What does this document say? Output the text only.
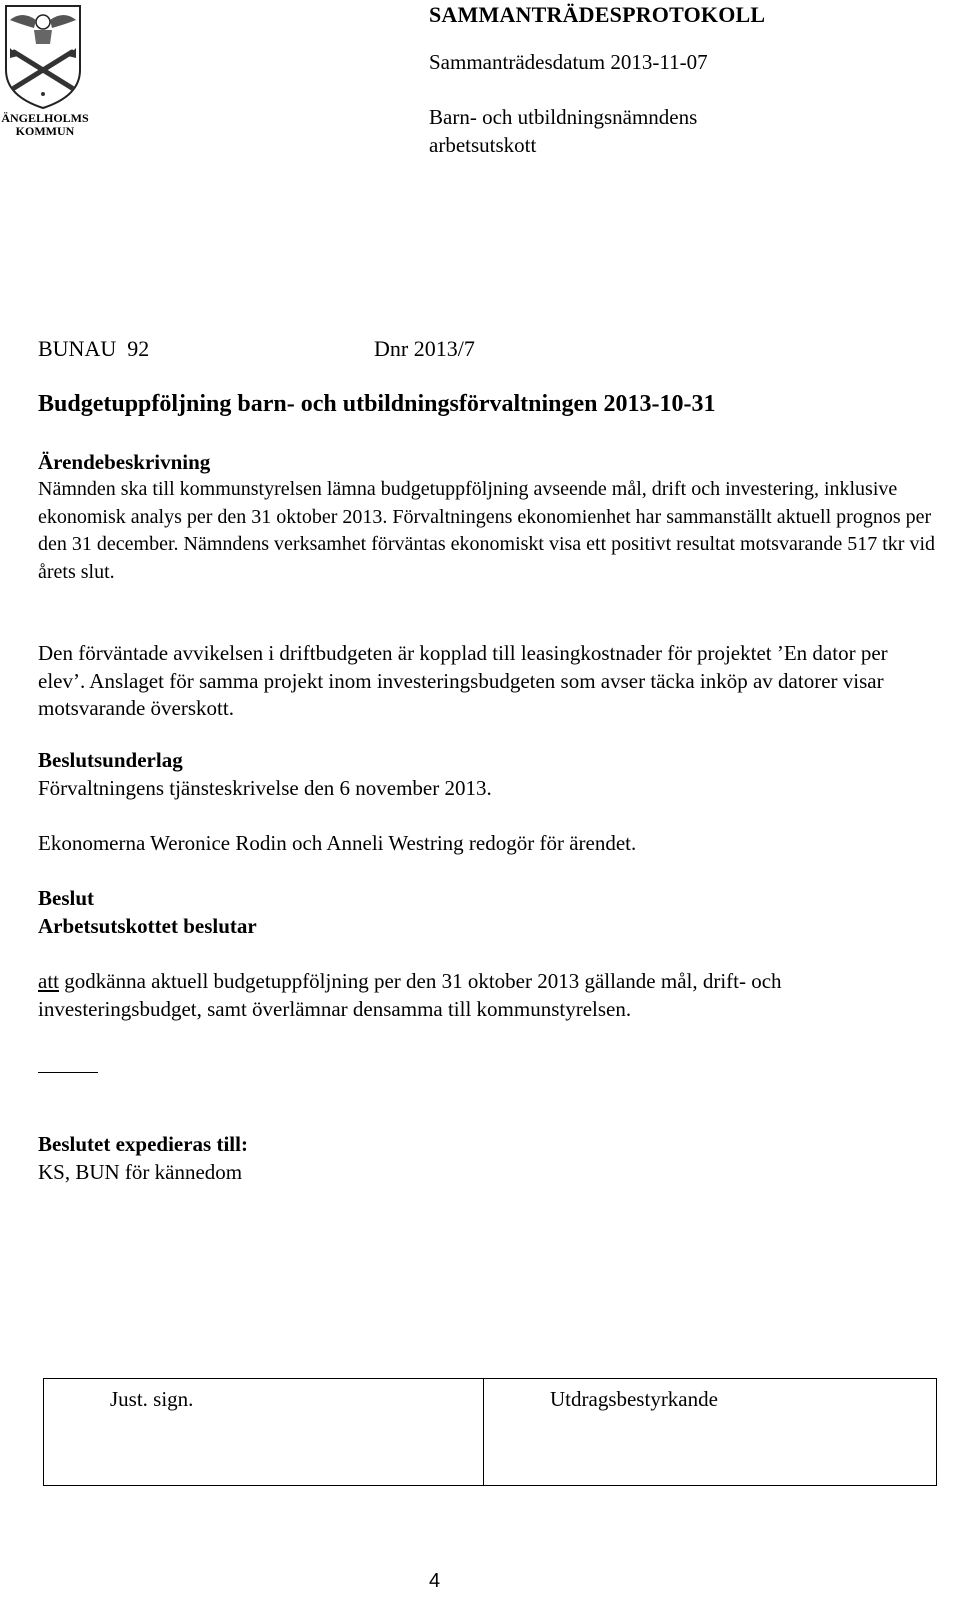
ÄNGELHOLMS
KOMMUN
SAMMANTRÄDESPROTOKOLL
Sammanträdesdatum 2013-11-07
Barn- och utbildningsnämndens
arbetsutskott
BUNAU  92	Dnr 2013/7
Budgetuppföljning barn- och utbildningsförvaltningen 2013-10-31
Ärendebeskrivning
Nämnden ska till kommunstyrelsen lämna budgetuppföljning avseende mål, drift och investering, inklusive ekonomisk analys per den 31 oktober 2013. Förvaltningens ekonomienhet har sammanställt aktuell prognos per den 31 december. Nämndens verksamhet förväntas ekonomiskt visa ett positivt resultat motsvarande 517 tkr vid årets slut.
Den förväntade avvikelsen i driftbudgeten är kopplad till leasingkostnader för projektet ’En dator per elev’. Anslaget för samma projekt inom investeringsbudgeten som avser täcka inköp av datorer visar motsvarande överskott.
Beslutsunderlag
Förvaltningens tjänsteskrivelse den 6 november 2013.
Ekonomerna Weronice Rodin och Anneli Westring redogör för ärendet.
Beslut
Arbetsutskottet beslutar
att godkänna aktuell budgetuppföljning per den 31 oktober 2013 gällande mål, drift- och investeringsbudget, samt överlämnar densamma till kommunstyrelsen.
Beslutet expedieras till:
KS, BUN för kännedom
Just. sign.	Utdragsbestyrkande
4
